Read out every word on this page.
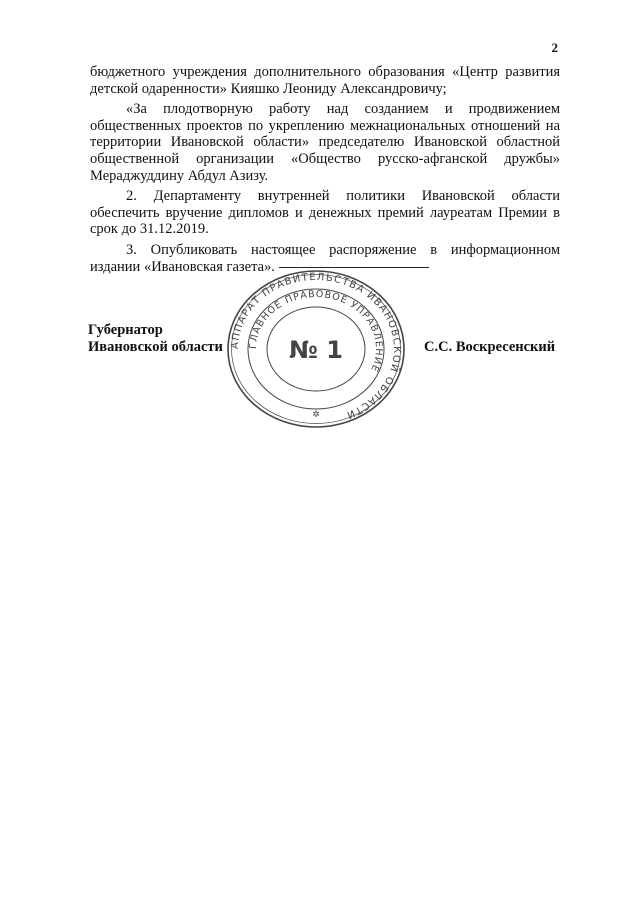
2

бюджетного учреждения дополнительного образования «Центр развития детской одаренности» Кияшко Леониду Александровичу;

«За плодотворную работу над созданием и продвижением общественных проектов по укреплению межнациональных отношений на территории Ивановской области» председателю Ивановской областной общественной организации «Общество русско-афганской дружбы» Мераджуддину Абдул Азизу.

2. Департаменту внутренней политики Ивановской области обеспечить вручение дипломов и денежных премий лауреатам Премии в срок до 31.12.2019.

3. Опубликовать настоящее распоряжение в информационном издании «Ивановская газета».

Губернатор
Ивановской области	С.С. Воскресенский
АППАРАТ ПРАВИТЕЛЬСТВА ИВАНОВСКОЙ ОБЛАСТИ
ГЛАВНОЕ ПРАВОВОЕ УПРАВЛЕНИЕ
№ 1
✲
